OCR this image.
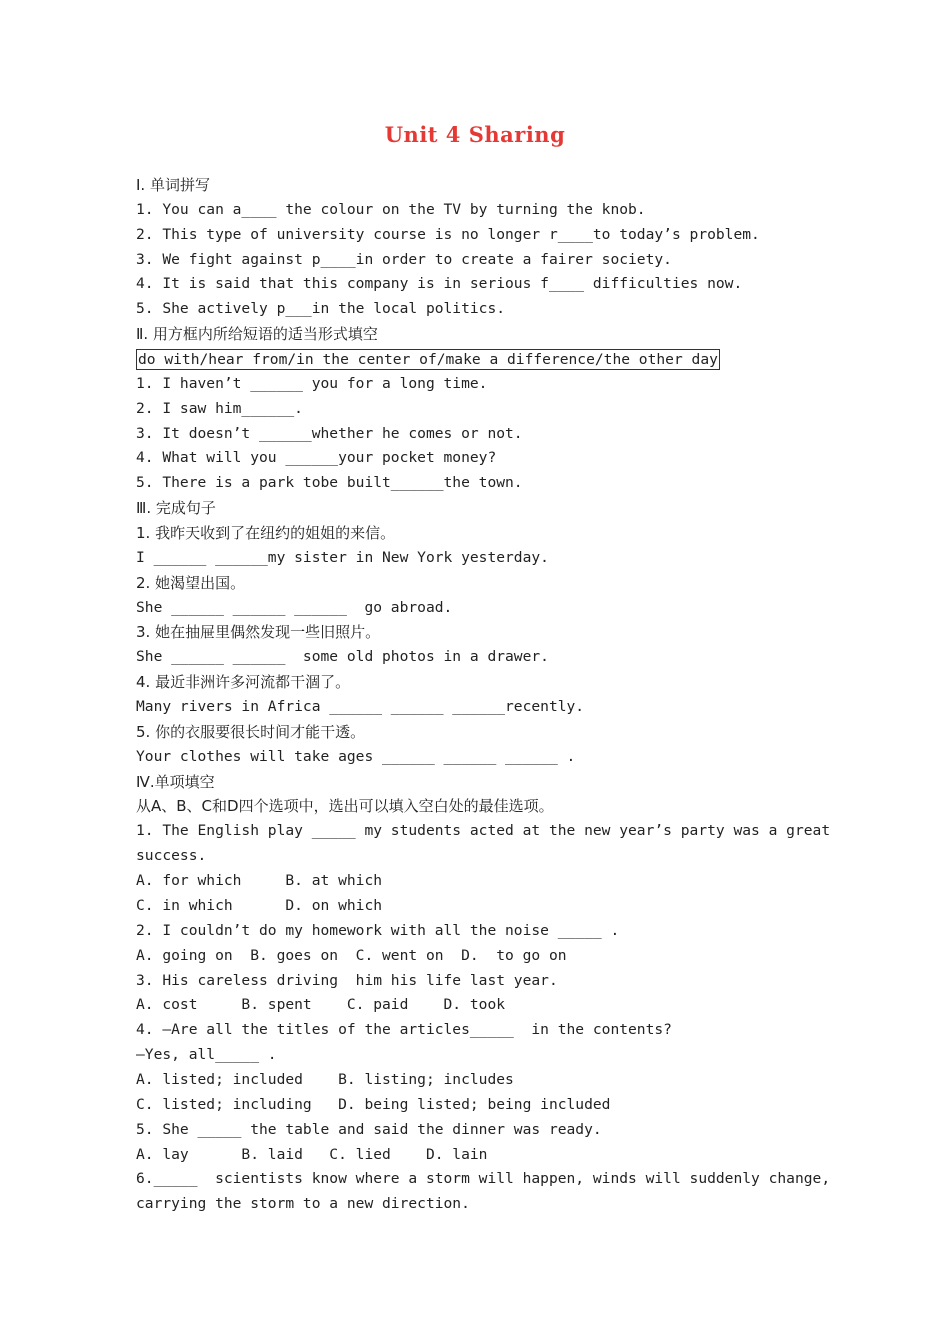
Unit 4 Sharing
Ⅰ. 单词拼写
1. You can a____ the colour on the TV by turning the knob.
2. This type of university course is no longer r____to today’s problem.
3. We fight against p____in order to create a fairer society.
4. It is said that this company is in serious f____ difficulties now.
5. She actively p___in the local politics.
Ⅱ. 用方框内所给短语的适当形式填空
do with/hear from/in the center of/make a difference/the other day
1. I haven’t ______ you for a long time.
2. I saw him______.
3. It doesn’t ______whether he comes or not.
4. What will you ______your pocket money?
5. There is a park tobe built______the town.
Ⅲ. 完成句子
1. 我昨天收到了在纽约的姐姐的来信。
I ______ ______my sister in New York yesterday.
2. 她渴望出国。
She ______ ______ ______  go abroad.
3. 她在抽屉里偶然发现一些旧照片。
She ______ ______  some old photos in a drawer.
4. 最近非洲许多河流都干涸了。
Many rivers in Africa ______ ______ ______recently.
5. 你的衣服要很长时间才能干透。
Your clothes will take ages ______ ______ ______ .
Ⅳ.单项填空
从A、B、C和D四个选项中，选出可以填入空白处的最佳选项。
1. The English play _____ my students acted at the new year’s party was a great
success.
A. for which     B. at which
C. in which      D. on which
2. I couldn’t do my homework with all the noise _____ .
A. going on  B. goes on  C. went on  D.  to go on
3. His careless driving  him his life last year.
A. cost     B. spent    C. paid    D. took
4. —Are all the titles of the articles_____  in the contents?
—Yes, all_____ .
A. listed; included    B. listing; includes
C. listed; including   D. being listed; being included
5. She _____ the table and said the dinner was ready.
A. lay      B. laid   C. lied    D. lain
6._____  scientists know where a storm will happen, winds will suddenly change,
carrying the storm to a new direction.
